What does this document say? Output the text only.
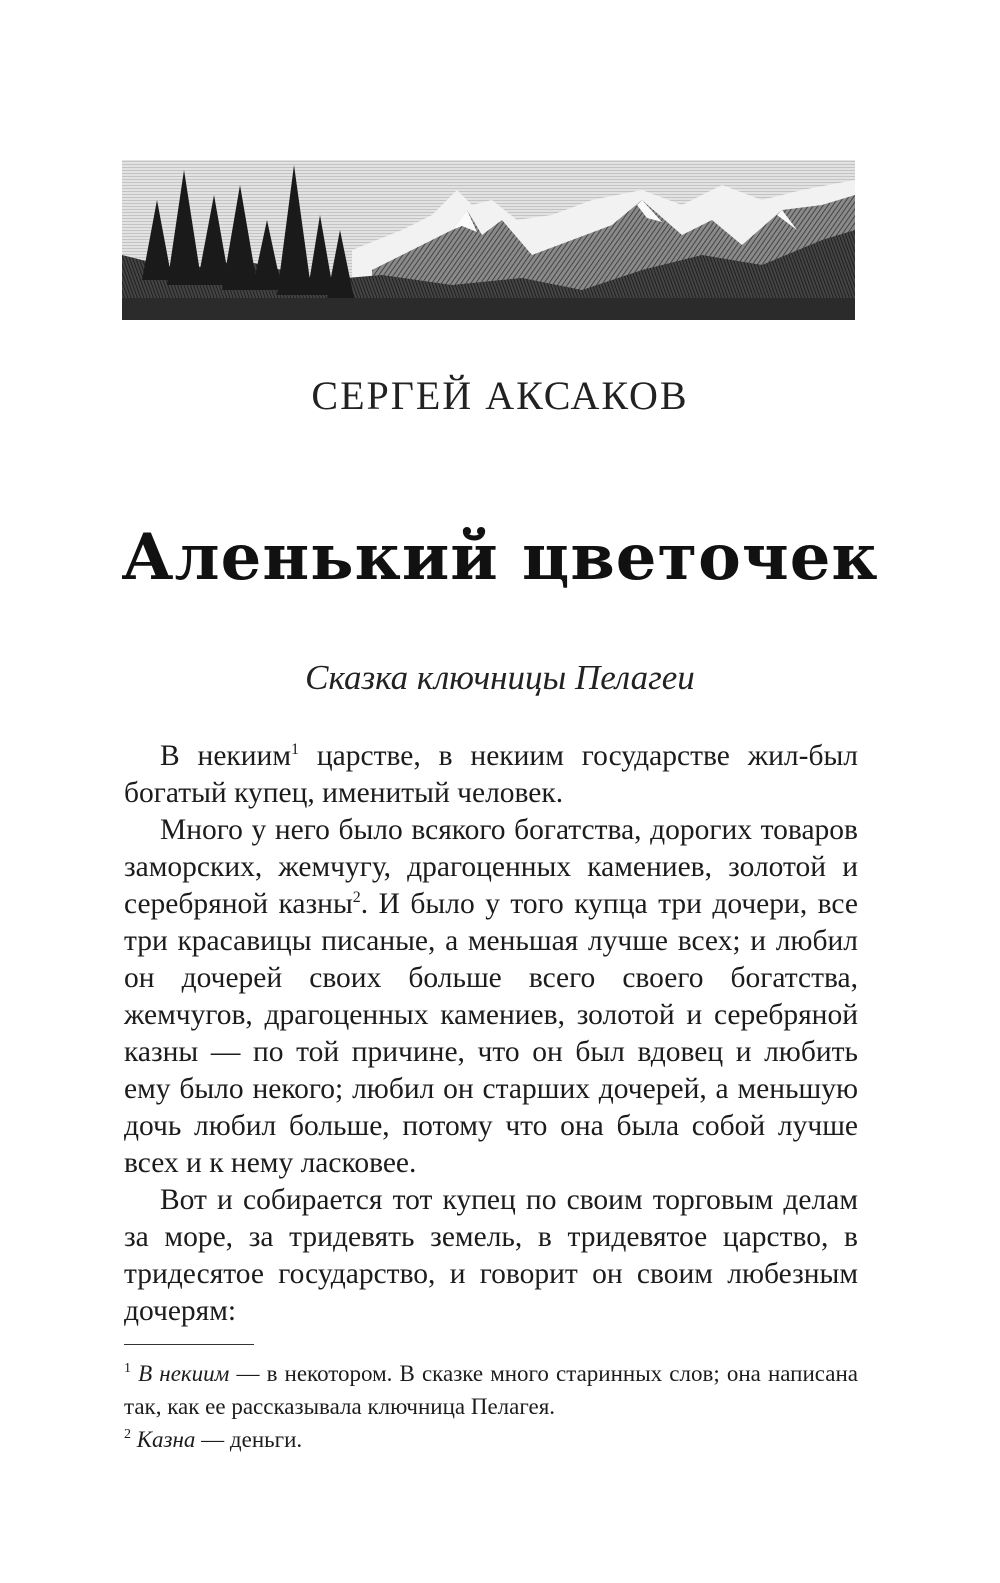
СЕРГЕЙ АКСАКОВ
Аленький цветочек
Сказка ключницы Пелагеи

В некиим$^1$ царстве, в некиим государстве жил-был богатый купец, именитый человек.

Много у него было всякого богатства, дорогих товаров заморских, жемчугу, драгоценных камениев, золотой и серебряной казны$^2$. И было у того купца три дочери, все три красавицы писаные, а меньшая лучше всех; и любил он дочерей своих больше всего своего богатства, жемчугов, драгоценных камениев, золотой и серебряной казны — по той причине, что он был вдовец и любить ему было некого; любил он старших дочерей, а меньшую дочь любил больше, потому что она была собой лучше всех и к нему ласковее.

Вот и собирается тот купец по своим торговым делам за море, за тридевять земель, в тридевятое царство, в тридесятое государство, и говорит он своим любезным дочерям:

$^1$ В некиим — в некотором. В сказке много старинных слов; она написана так, как ее рассказывала ключница Пелагея.

$^2$ Казна — деньги.
